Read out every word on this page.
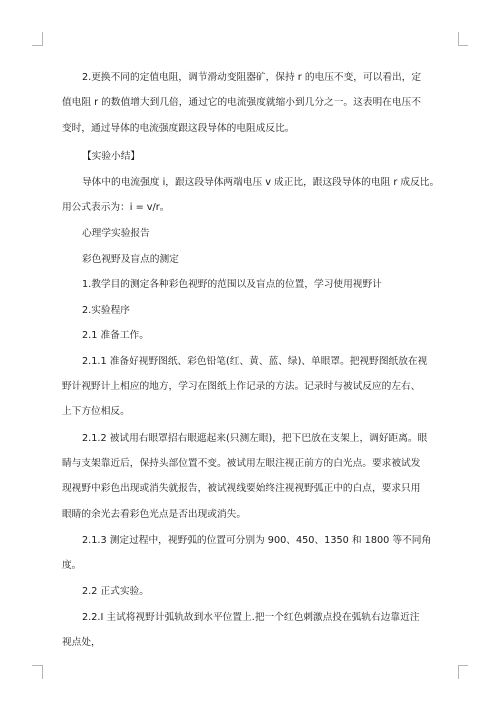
2.更换不同的定值电阻，调节滑动变阻器矿，保持 r 的电压不变，可以看出，定
值电阻 r 的数值增大到几倍，通过它的电流强度就缩小到几分之一。这表明在电压不
变时，通过导体的电流强度跟这段导体的电阻成反比。
【实验小结】
导体中的电流强度 i，跟这段导体两端电压 v 成正比，跟这段导体的电阻 r 成反比。
用公式表示为：i = v/r。
心理学实验报告
彩色视野及盲点的测定
1.教学目的测定各种彩色视野的范围以及盲点的位置，学习使用视野计
2.实验程序
2.1 准备工作。
2.1.1 准备好视野图纸、彩色铅笔(红、黄、蓝、绿)、单眼罩。把视野图纸放在视
野计视野计上相应的地方，学习在图纸上作记录的方法。记录时与被试反应的左右、
上下方位相反。
2.1.2 被试用右眼罩招右眼遮起来(只测左眼)，把下巴放在支架上，调好距离。眼
睛与支架靠近后，保持头部位置不变。被试用左眼注视正前方的白光点。要求被试发
现视野中彩色出现或消失就报告，被试视线要始终注视视野弧正中的白点，要求只用
眼睛的余光去看彩色光点是否出现或消失。
2.1.3 测定过程中，视野弧的位置可分别为 900、450、1350 和 1800 等不同角
度。
2.2 正式实验。
2.2.I 主试将视野计弧轨故到水平位置上.把一个红色刺激点投在弧轨右边靠近注
视点处，
